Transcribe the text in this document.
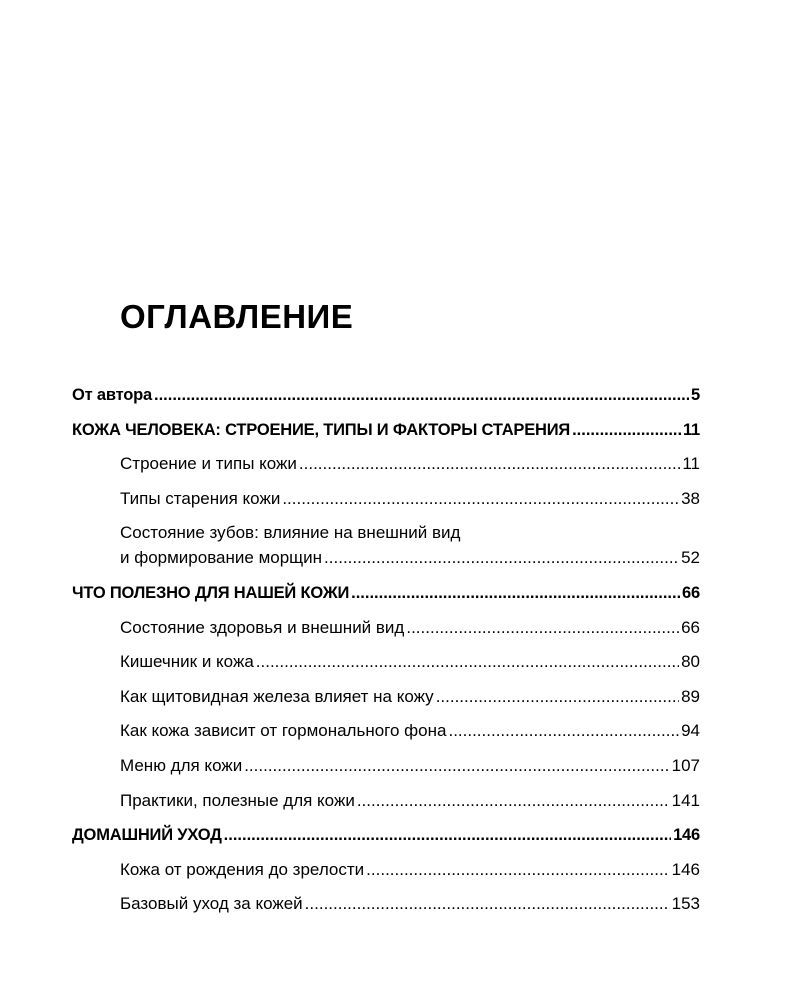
ОГЛАВЛЕНИЕ
От автора .....	5
КОЖА ЧЕЛОВЕКА: СТРОЕНИЕ, ТИПЫ И ФАКТОРЫ СТАРЕНИЯ .....	11
Строение и типы кожи .....	11
Типы старения кожи .....	38
Состояние зубов: влияние на внешний вид
и формирование морщин .....	52
ЧТО ПОЛЕЗНО ДЛЯ НАШЕЙ КОЖИ .....	66
Состояние здоровья и внешний вид .....	66
Кишечник и кожа .....	80
Как щитовидная железа влияет на кожу .....	89
Как кожа зависит от гормонального фона .....	94
Меню для кожи .....	107
Практики, полезные для кожи .....	141
ДОМАШНИЙ УХОД .....	146
Кожа от рождения до зрелости .....	146
Базовый уход за кожей .....	153
